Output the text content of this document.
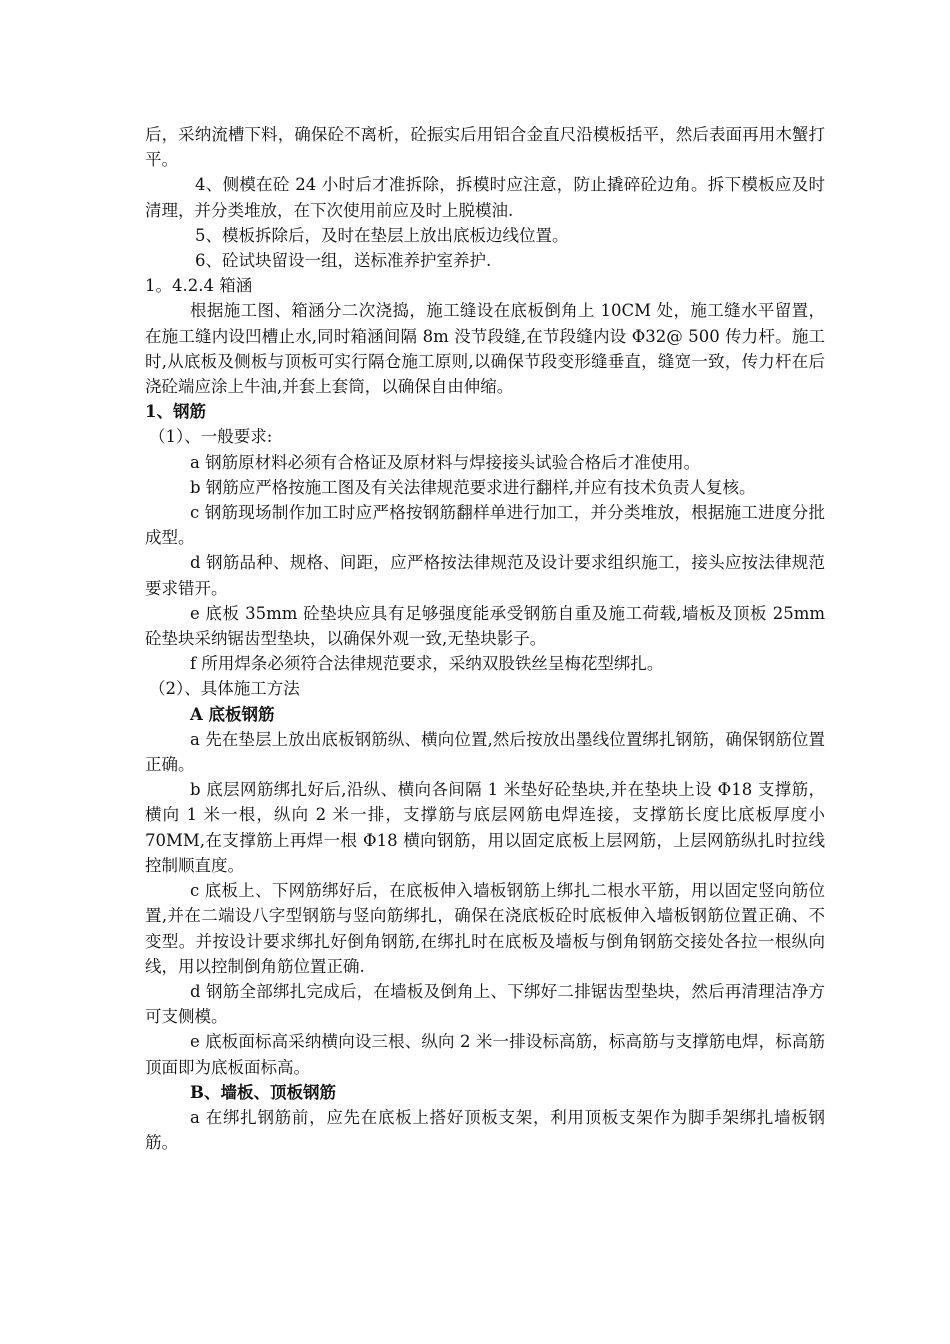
后，采纳流槽下料，确保砼不离析，砼振实后用铝合金直尺沿模板括平，然后表面再用木蟹打平。

4、侧模在砼 24 小时后才准拆除，拆模时应注意，防止撬碎砼边角。拆下模板应及时清理，并分类堆放，在下次使用前应及时上脱模油.

5、模板拆除后，及时在垫层上放出底板边线位置。

6、砼试块留设一组，送标准养护室养护.

1。4.2.4 箱涵

根据施工图、箱涵分二次浇捣，施工缝设在底板倒角上 10CM 处，施工缝水平留置，在施工缝内设凹槽止水,同时箱涵间隔 8m 没节段缝,在节段缝内设 Φ32@ 500 传力杆。施工时,从底板及侧板与顶板可实行隔仓施工原则,以确保节段变形缝垂直，缝宽一致，传力杆在后浇砼端应涂上牛油,并套上套筒，以确保自由伸缩。

1、钢筋

（1）、一般要求:

a 钢筋原材料必须有合格证及原材料与焊接接头试验合格后才准使用。

b 钢筋应严格按施工图及有关法律规范要求进行翻样,并应有技术负责人复核。

c 钢筋现场制作加工时应严格按钢筋翻样单进行加工，并分类堆放，根据施工进度分批成型。

d 钢筋品种、规格、间距，应严格按法律规范及设计要求组织施工，接头应按法律规范要求错开。

e 底板 35mm 砼垫块应具有足够强度能承受钢筋自重及施工荷载,墙板及顶板 25mm 砼垫块采纳锯齿型垫块，以确保外观一致,无垫块影子。

f 所用焊条必须符合法律规范要求，采纳双股铁丝呈梅花型绑扎。

（2）、具体施工方法

A 底板钢筋

a 先在垫层上放出底板钢筋纵、横向位置,然后按放出墨线位置绑扎钢筋，确保钢筋位置正确。

b 底层网筋绑扎好后,沿纵、横向各间隔 1 米垫好砼垫块,并在垫块上设 Φ18 支撑筋，横向 1 米一根，纵向 2 米一排，支撑筋与底层网筋电焊连接，支撑筋长度比底板厚度小 70MM,在支撑筋上再焊一根 Φ18 横向钢筋，用以固定底板上层网筋，上层网筋纵扎时拉线控制顺直度。

c 底板上、下网筋绑好后，在底板伸入墙板钢筋上绑扎二根水平筋，用以固定竖向筋位置,并在二端设八字型钢筋与竖向筋绑扎，确保在浇底板砼时底板伸入墙板钢筋位置正确、不变型。并按设计要求绑扎好倒角钢筋,在绑扎时在底板及墙板与倒角钢筋交接处各拉一根纵向线，用以控制倒角筋位置正确.

d 钢筋全部绑扎完成后，在墙板及倒角上、下绑好二排锯齿型垫块，然后再清理洁净方可支侧模。

e 底板面标高采纳横向设三根、纵向 2 米一排设标高筋，标高筋与支撑筋电焊，标高筋顶面即为底板面标高。

B、墙板、顶板钢筋

a 在绑扎钢筋前，应先在底板上搭好顶板支架，利用顶板支架作为脚手架绑扎墙板钢筋。
